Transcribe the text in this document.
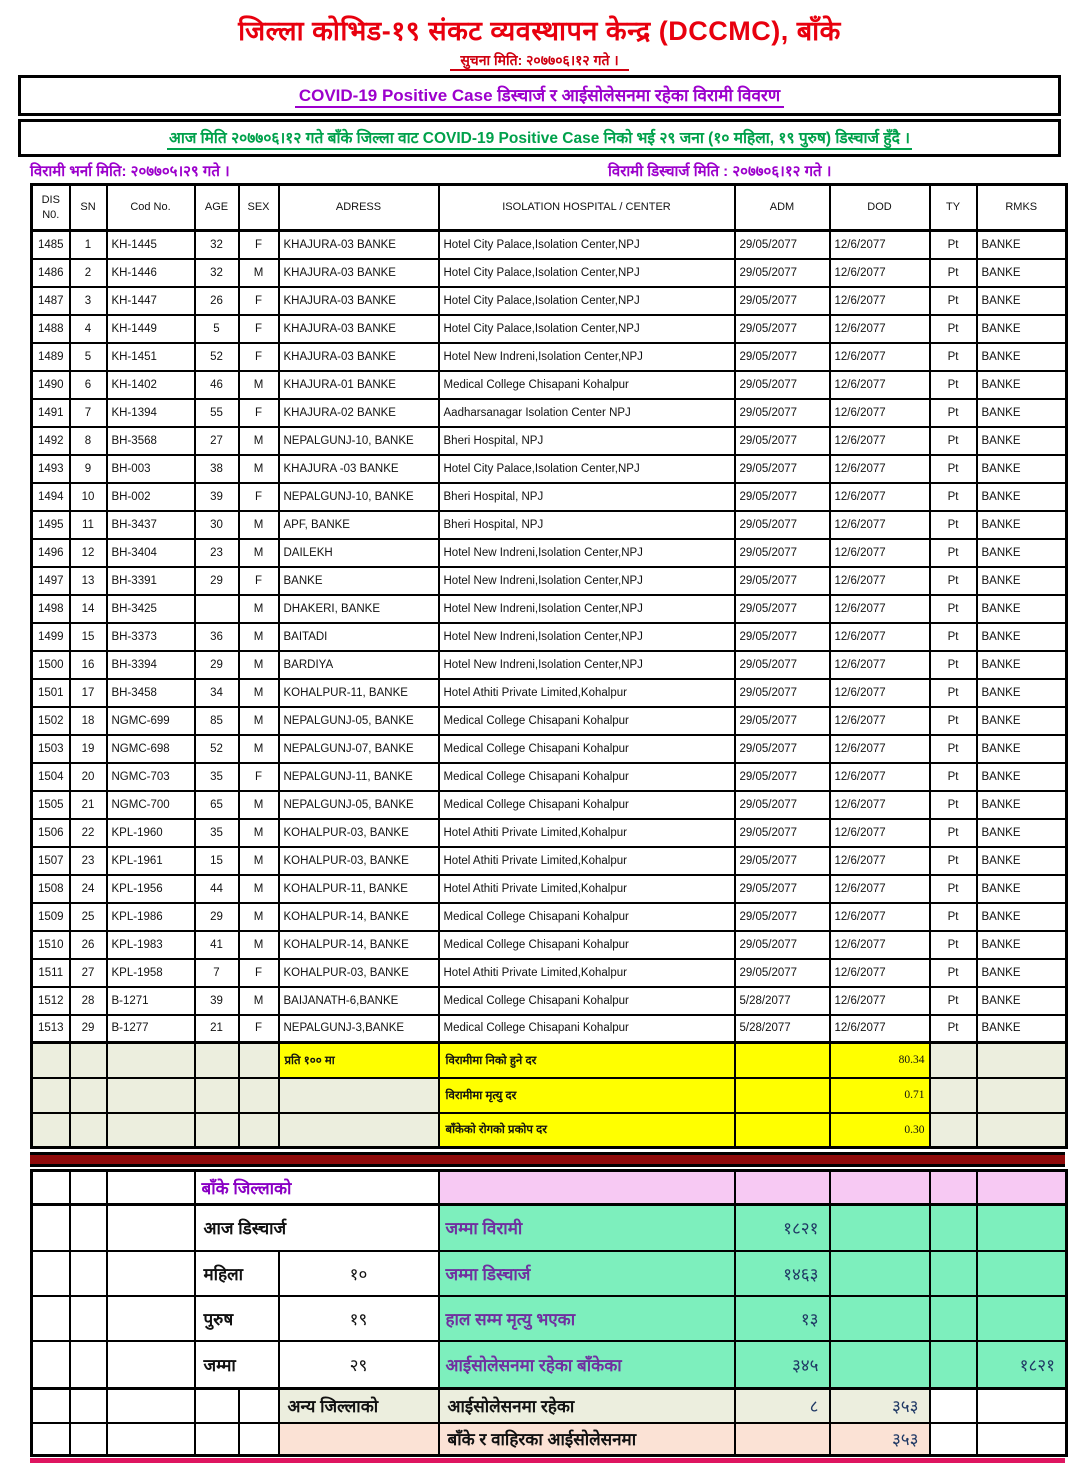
जिल्ला कोभिड-१९ संकट व्यवस्थापन केन्द्र (DCCMC), बाँके
सुचना मिति: २०७७०६।१२ गते ।
COVID-19 Positive Case डिस्चार्ज र आईसोलेसनमा रहेका विरामी विवरण
आज मिति २०७७०६।१२ गते बाँके जिल्ला वाट COVID-19 Positive Case निको भई २९ जना (१० महिला, १९ पुरुष) डिस्चार्ज हुँदै ।
विरामी भर्ना मिति: २०७७०५।२९ गते ।	विरामी डिस्चार्ज मिति : २०७७०६।१२ गते ।
DIS N0.	SN	Cod No.	AGE	SEX	ADRESS	ISOLATION HOSPITAL / CENTER	ADM	DOD	TY	RMKS
1485	1	KH-1445	32	F	KHAJURA-03 BANKE	Hotel City Palace,Isolation Center,NPJ	29/05/2077	12/6/2077	Pt	BANKE
1486	2	KH-1446	32	M	KHAJURA-03 BANKE	Hotel City Palace,Isolation Center,NPJ	29/05/2077	12/6/2077	Pt	BANKE
1487	3	KH-1447	26	F	KHAJURA-03 BANKE	Hotel City Palace,Isolation Center,NPJ	29/05/2077	12/6/2077	Pt	BANKE
1488	4	KH-1449	5	F	KHAJURA-03 BANKE	Hotel City Palace,Isolation Center,NPJ	29/05/2077	12/6/2077	Pt	BANKE
1489	5	KH-1451	52	F	KHAJURA-03 BANKE	Hotel New Indreni,Isolation Center,NPJ	29/05/2077	12/6/2077	Pt	BANKE
1490	6	KH-1402	46	M	KHAJURA-01 BANKE	Medical College Chisapani Kohalpur	29/05/2077	12/6/2077	Pt	BANKE
1491	7	KH-1394	55	F	KHAJURA-02 BANKE	Aadharsanagar Isolation Center NPJ	29/05/2077	12/6/2077	Pt	BANKE
1492	8	BH-3568	27	M	NEPALGUNJ-10, BANKE	Bheri Hospital, NPJ	29/05/2077	12/6/2077	Pt	BANKE
1493	9	BH-003	38	M	KHAJURA -03 BANKE	Hotel City Palace,Isolation Center,NPJ	29/05/2077	12/6/2077	Pt	BANKE
1494	10	BH-002	39	F	NEPALGUNJ-10, BANKE	Bheri Hospital, NPJ	29/05/2077	12/6/2077	Pt	BANKE
1495	11	BH-3437	30	M	APF, BANKE	Bheri Hospital, NPJ	29/05/2077	12/6/2077	Pt	BANKE
1496	12	BH-3404	23	M	DAILEKH	Hotel New Indreni,Isolation Center,NPJ	29/05/2077	12/6/2077	Pt	BANKE
1497	13	BH-3391	29	F	BANKE	Hotel New Indreni,Isolation Center,NPJ	29/05/2077	12/6/2077	Pt	BANKE
1498	14	BH-3425		M	DHAKERI, BANKE	Hotel New Indreni,Isolation Center,NPJ	29/05/2077	12/6/2077	Pt	BANKE
1499	15	BH-3373	36	M	BAITADI	Hotel New Indreni,Isolation Center,NPJ	29/05/2077	12/6/2077	Pt	BANKE
1500	16	BH-3394	29	M	BARDIYA	Hotel New Indreni,Isolation Center,NPJ	29/05/2077	12/6/2077	Pt	BANKE
1501	17	BH-3458	34	M	KOHALPUR-11, BANKE	Hotel Athiti Private Limited,Kohalpur	29/05/2077	12/6/2077	Pt	BANKE
1502	18	NGMC-699	85	M	NEPALGUNJ-05, BANKE	Medical College Chisapani Kohalpur	29/05/2077	12/6/2077	Pt	BANKE
1503	19	NGMC-698	52	M	NEPALGUNJ-07, BANKE	Medical College Chisapani Kohalpur	29/05/2077	12/6/2077	Pt	BANKE
1504	20	NGMC-703	35	F	NEPALGUNJ-11, BANKE	Medical College Chisapani Kohalpur	29/05/2077	12/6/2077	Pt	BANKE
1505	21	NGMC-700	65	M	NEPALGUNJ-05, BANKE	Medical College Chisapani Kohalpur	29/05/2077	12/6/2077	Pt	BANKE
1506	22	KPL-1960	35	M	KOHALPUR-03, BANKE	Hotel Athiti Private Limited,Kohalpur	29/05/2077	12/6/2077	Pt	BANKE
1507	23	KPL-1961	15	M	KOHALPUR-03, BANKE	Hotel Athiti Private Limited,Kohalpur	29/05/2077	12/6/2077	Pt	BANKE
1508	24	KPL-1956	44	M	KOHALPUR-11, BANKE	Hotel Athiti Private Limited,Kohalpur	29/05/2077	12/6/2077	Pt	BANKE
1509	25	KPL-1986	29	M	KOHALPUR-14, BANKE	Medical College Chisapani Kohalpur	29/05/2077	12/6/2077	Pt	BANKE
1510	26	KPL-1983	41	M	KOHALPUR-14, BANKE	Medical College Chisapani Kohalpur	29/05/2077	12/6/2077	Pt	BANKE
1511	27	KPL-1958	7	F	KOHALPUR-03, BANKE	Hotel Athiti Private Limited,Kohalpur	29/05/2077	12/6/2077	Pt	BANKE
1512	28	B-1271	39	M	BAIJANATH-6,BANKE	Medical College Chisapani Kohalpur	5/28/2077	12/6/2077	Pt	BANKE
1513	29	B-1277	21	F	NEPALGUNJ-3,BANKE	Medical College Chisapani Kohalpur	5/28/2077	12/6/2077	Pt	BANKE
					प्रति १०० मा	विरामीमा निको हुने दर		80.34		
						विरामीमा मृत्यु दर		0.71		
						बाँकेको रोगको प्रकोप दर		0.30		
			बाँके जिल्लाको							
			आज डिस्चार्ज			जम्मा विरामी	१८२१			
			महिला		१०	जम्मा डिस्चार्ज	१४६३			
			पुरुष		१९	हाल सम्म मृत्यु भएका	१३			
			जम्मा		२९	आईसोलेसनमा रहेका बाँकेका	३४५			१८२१
					अन्य जिल्लाको	आईसोलेसनमा रहेका	८	३५३		
						बाँके र वाहिरका आईसोलेसनमा		३५३		
